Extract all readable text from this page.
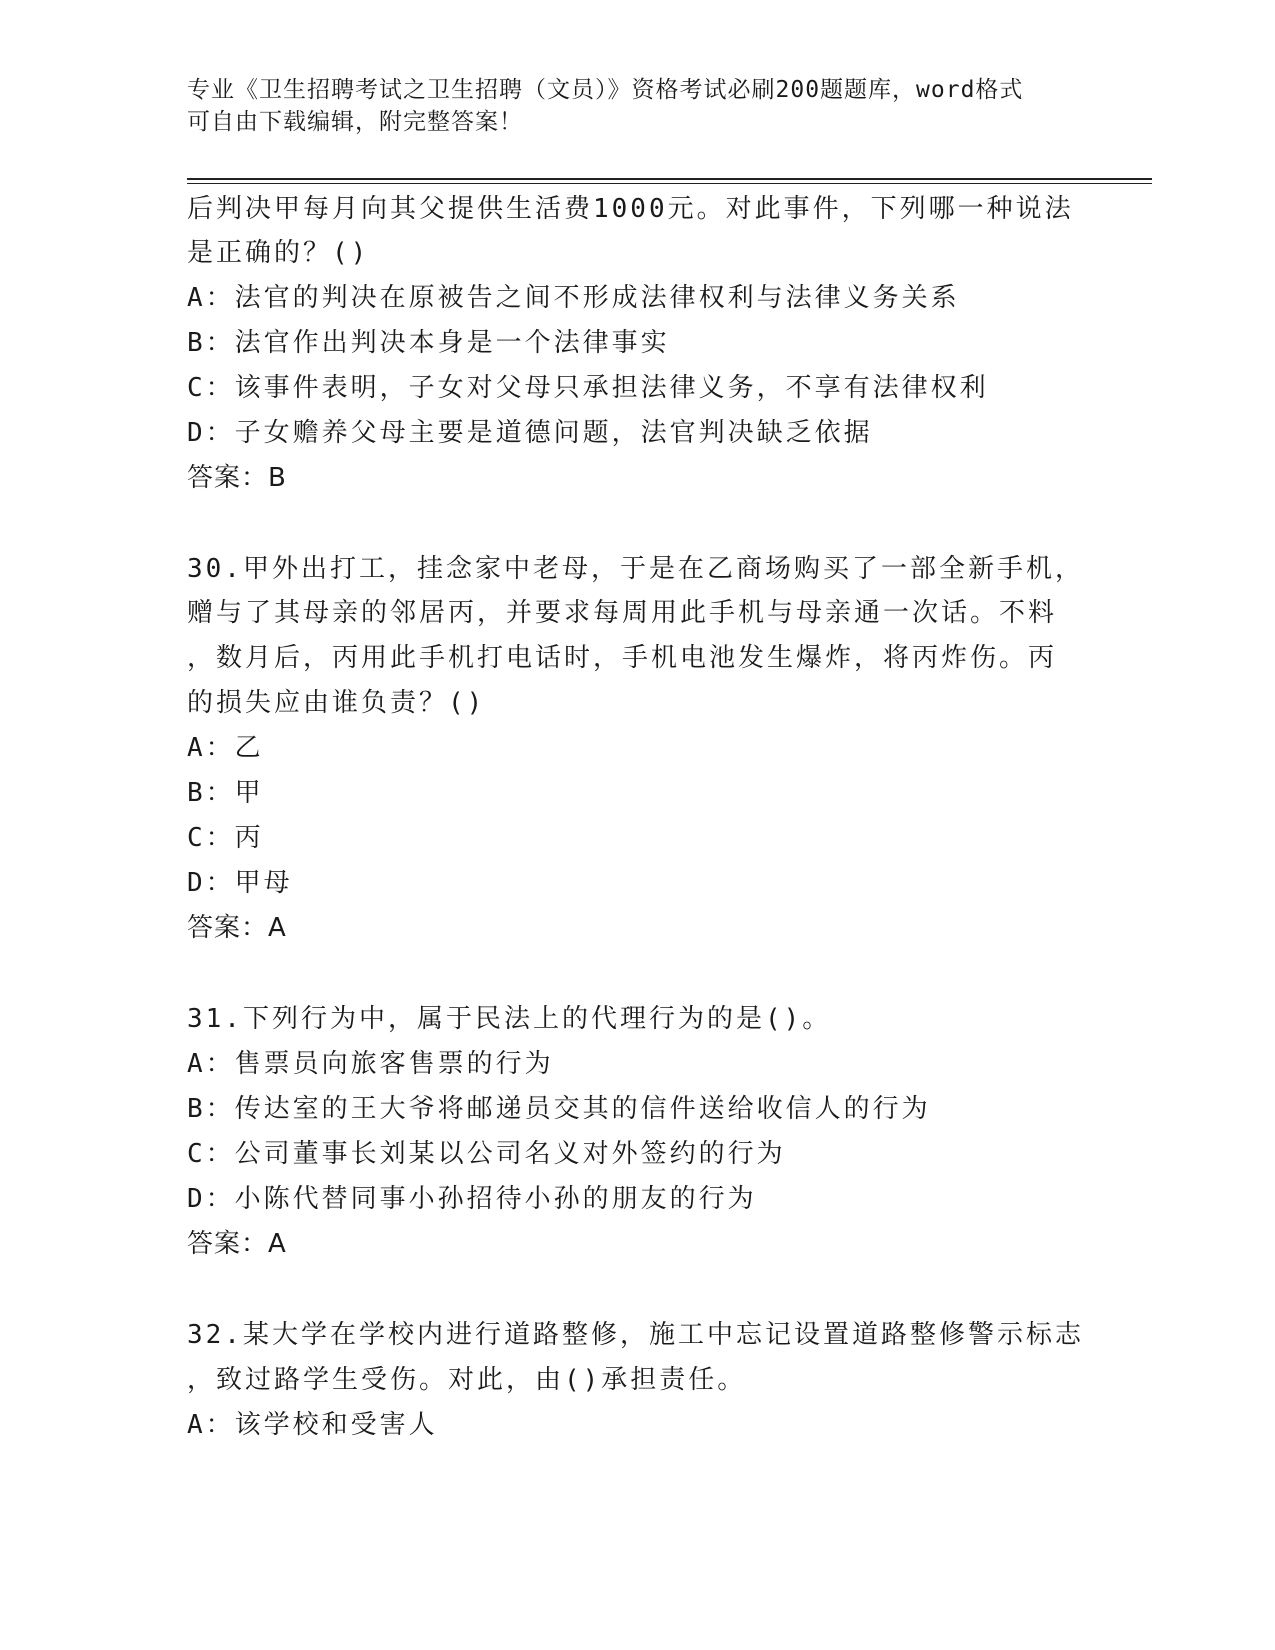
专业《卫生招聘考试之卫生招聘（文员）》资格考试必刷200题题库，word格式
可自由下载编辑，附完整答案！
后判决甲每月向其父提供生活费1000元。对此事件，下列哪一种说法
是正确的？()
A：法官的判决在原被告之间不形成法律权利与法律义务关系
B：法官作出判决本身是一个法律事实
C：该事件表明，子女对父母只承担法律义务，不享有法律权利
D：子女赡养父母主要是道德问题，法官判决缺乏依据
答案：B
30.甲外出打工，挂念家中老母，于是在乙商场购买了一部全新手机，
赠与了其母亲的邻居丙，并要求每周用此手机与母亲通一次话。不料
，数月后，丙用此手机打电话时，手机电池发生爆炸，将丙炸伤。丙
的损失应由谁负责？()
A：乙
B：甲
C：丙
D：甲母
答案：A
31.下列行为中，属于民法上的代理行为的是()。
A：售票员向旅客售票的行为
B：传达室的王大爷将邮递员交其的信件送给收信人的行为
C：公司董事长刘某以公司名义对外签约的行为
D：小陈代替同事小孙招待小孙的朋友的行为
答案：A
32.某大学在学校内进行道路整修，施工中忘记设置道路整修警示标志
，致过路学生受伤。对此，由()承担责任。
A：该学校和受害人
